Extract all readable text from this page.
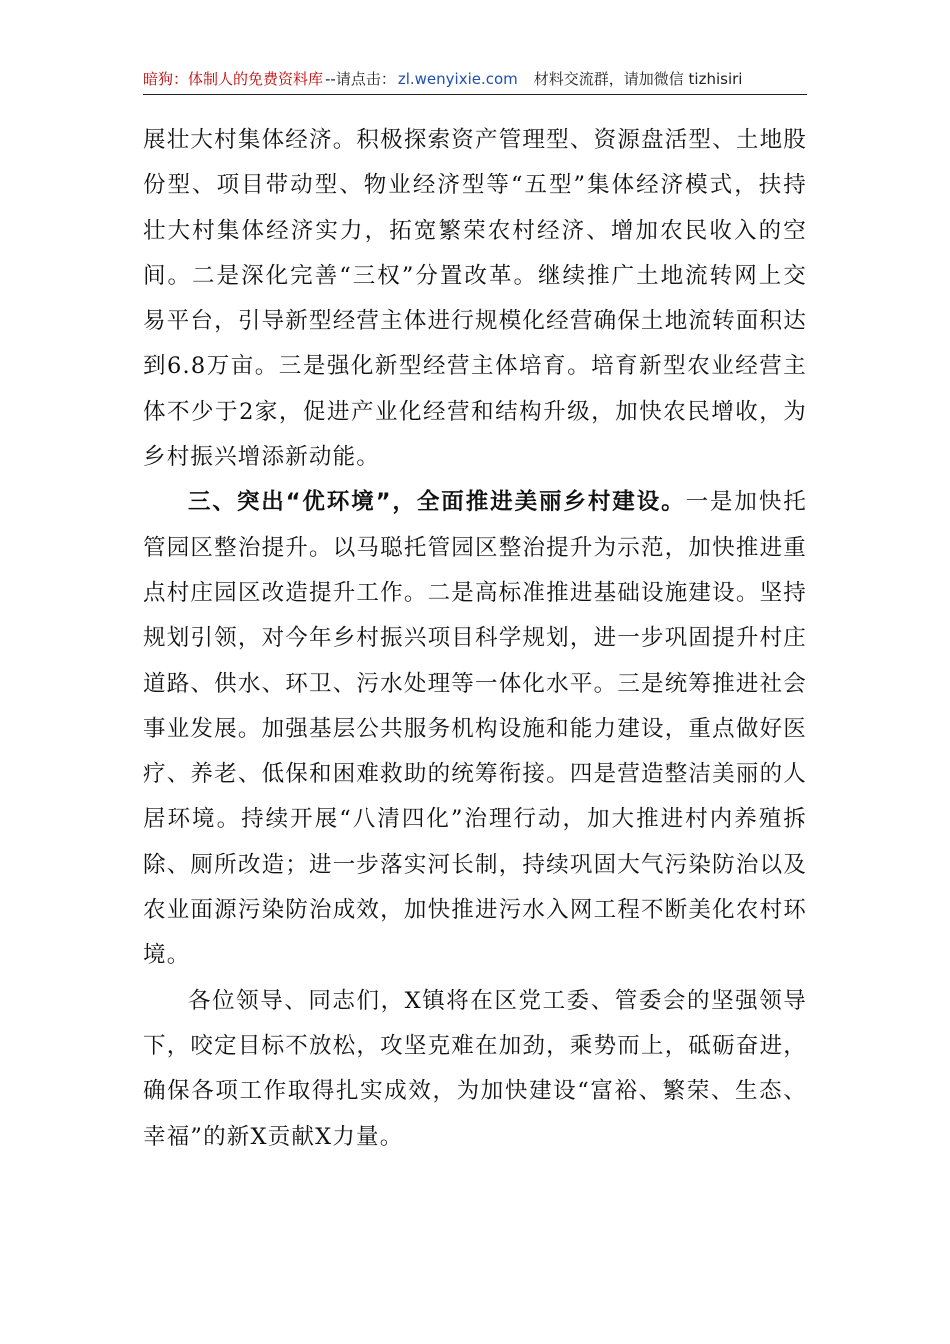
暗狗：体制人的免费资料库 --请点击： zl.wenyixie.com 材料交流群，请加微信 tizhisiri

展壮大村集体经济。积极探索资产管理型、资源盘活型、土地股份型、项目带动型、物业经济型等“五型”集体经济模式，扶持壮大村集体经济实力，拓宽繁荣农村经济、增加农民收入的空间。二是深化完善“三权”分置改革。继续推广土地流转网上交易平台，引导新型经营主体进行规模化经营确保土地流转面积达到6.8万亩。三是强化新型经营主体培育。培育新型农业经营主体不少于2家，促进产业化经营和结构升级，加快农民增收，为乡村振兴增添新动能。

三、突出“优环境”，全面推进美丽乡村建设。一是加快托管园区整治提升。以马聪托管园区整治提升为示范，加快推进重点村庄园区改造提升工作。二是高标准推进基础设施建设。坚持规划引领，对今年乡村振兴项目科学规划，进一步巩固提升村庄道路、供水、环卫、污水处理等一体化水平。三是统筹推进社会事业发展。加强基层公共服务机构设施和能力建设，重点做好医疗、养老、低保和困难救助的统筹衔接。四是营造整洁美丽的人居环境。持续开展“八清四化”治理行动，加大推进村内养殖拆除、厕所改造；进一步落实河长制，持续巩固大气污染防治以及农业面源污染防治成效，加快推进污水入网工程不断美化农村环境。

各位领导、同志们，X镇将在区党工委、管委会的坚强领导下，咬定目标不放松，攻坚克难在加劲，乘势而上，砥砺奋进，确保各项工作取得扎实成效，为加快建设“富裕、繁荣、生态、幸福”的新X贡献X力量。
